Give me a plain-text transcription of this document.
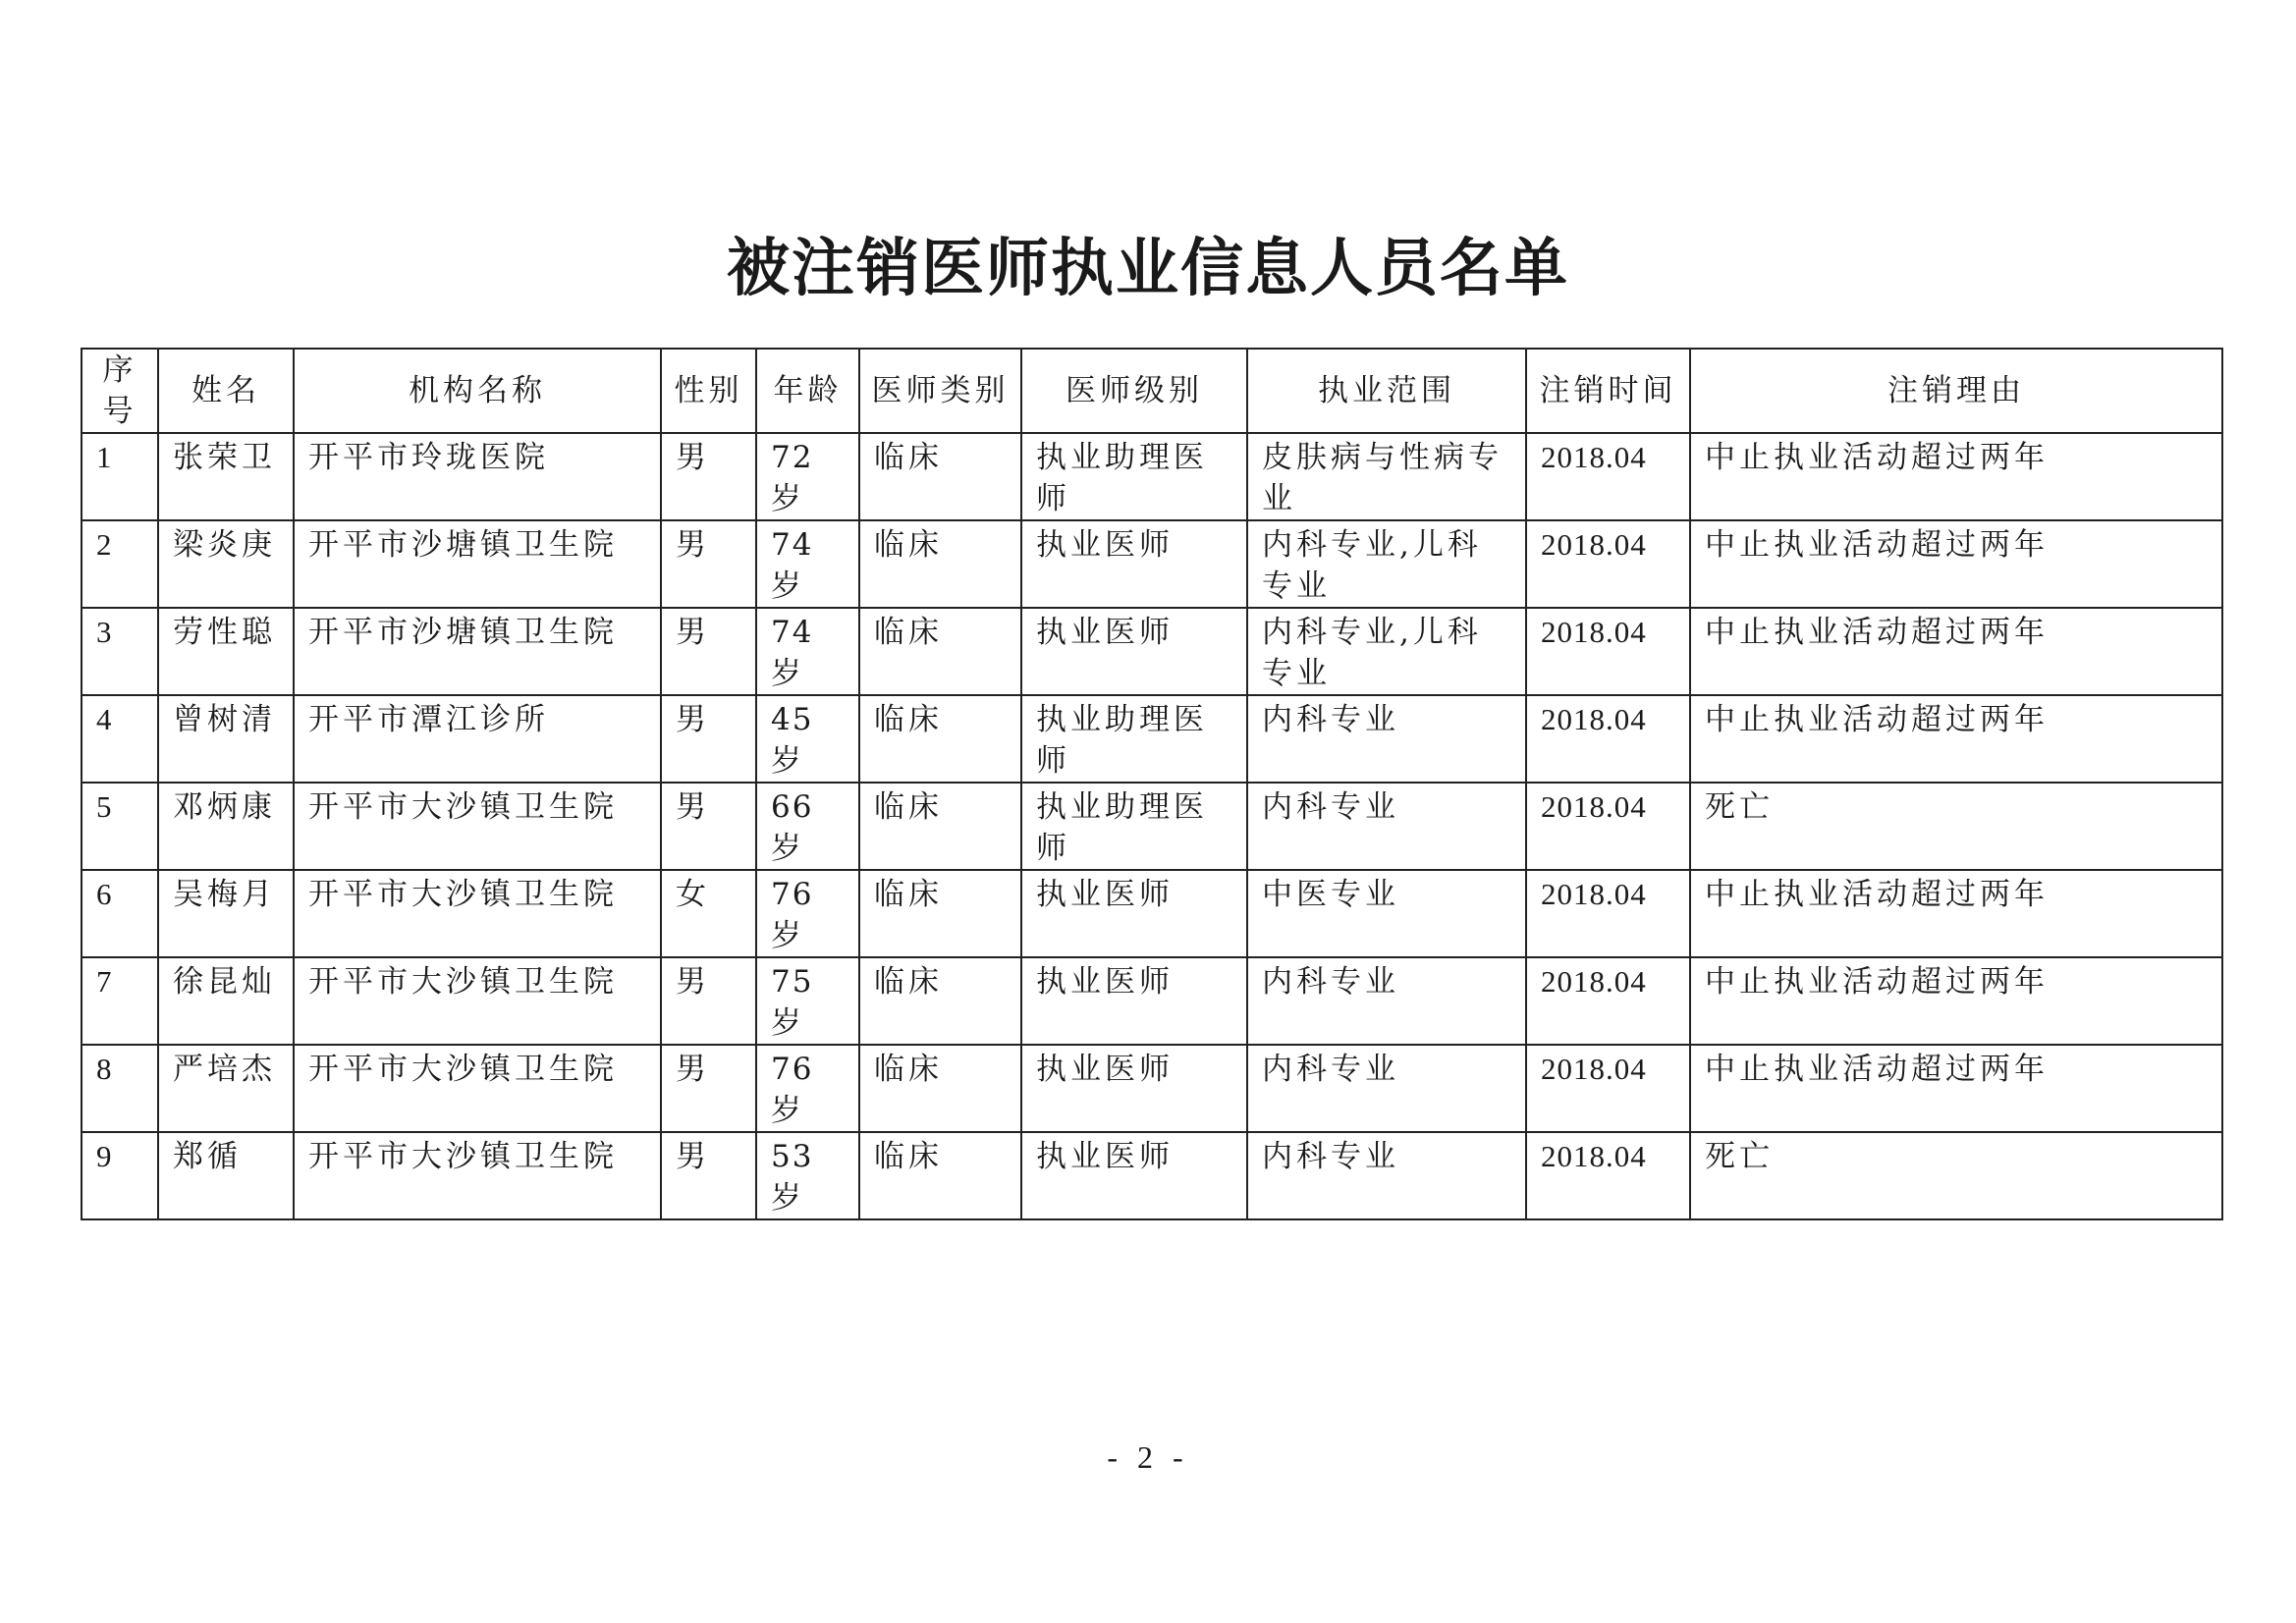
被注销医师执业信息人员名单
序号	姓名	机构名称	性别	年龄	医师类别	医师级别	执业范围	注销时间	注销理由
1	张荣卫	开平市玲珑医院	男	72岁	临床	执业助理医师	皮肤病与性病专业	2018.04	中止执业活动超过两年
2	梁炎庚	开平市沙塘镇卫生院	男	74岁	临床	执业医师	内科专业,儿科专业	2018.04	中止执业活动超过两年
3	劳性聪	开平市沙塘镇卫生院	男	74岁	临床	执业医师	内科专业,儿科专业	2018.04	中止执业活动超过两年
4	曾树清	开平市潭江诊所	男	45岁	临床	执业助理医师	内科专业	2018.04	中止执业活动超过两年
5	邓炳康	开平市大沙镇卫生院	男	66岁	临床	执业助理医师	内科专业	2018.04	死亡
6	吴梅月	开平市大沙镇卫生院	女	76岁	临床	执业医师	中医专业	2018.04	中止执业活动超过两年
7	徐昆灿	开平市大沙镇卫生院	男	75岁	临床	执业医师	内科专业	2018.04	中止执业活动超过两年
8	严培杰	开平市大沙镇卫生院	男	76岁	临床	执业医师	内科专业	2018.04	中止执业活动超过两年
9	郑循	开平市大沙镇卫生院	男	53岁	临床	执业医师	内科专业	2018.04	死亡
- 2 -
